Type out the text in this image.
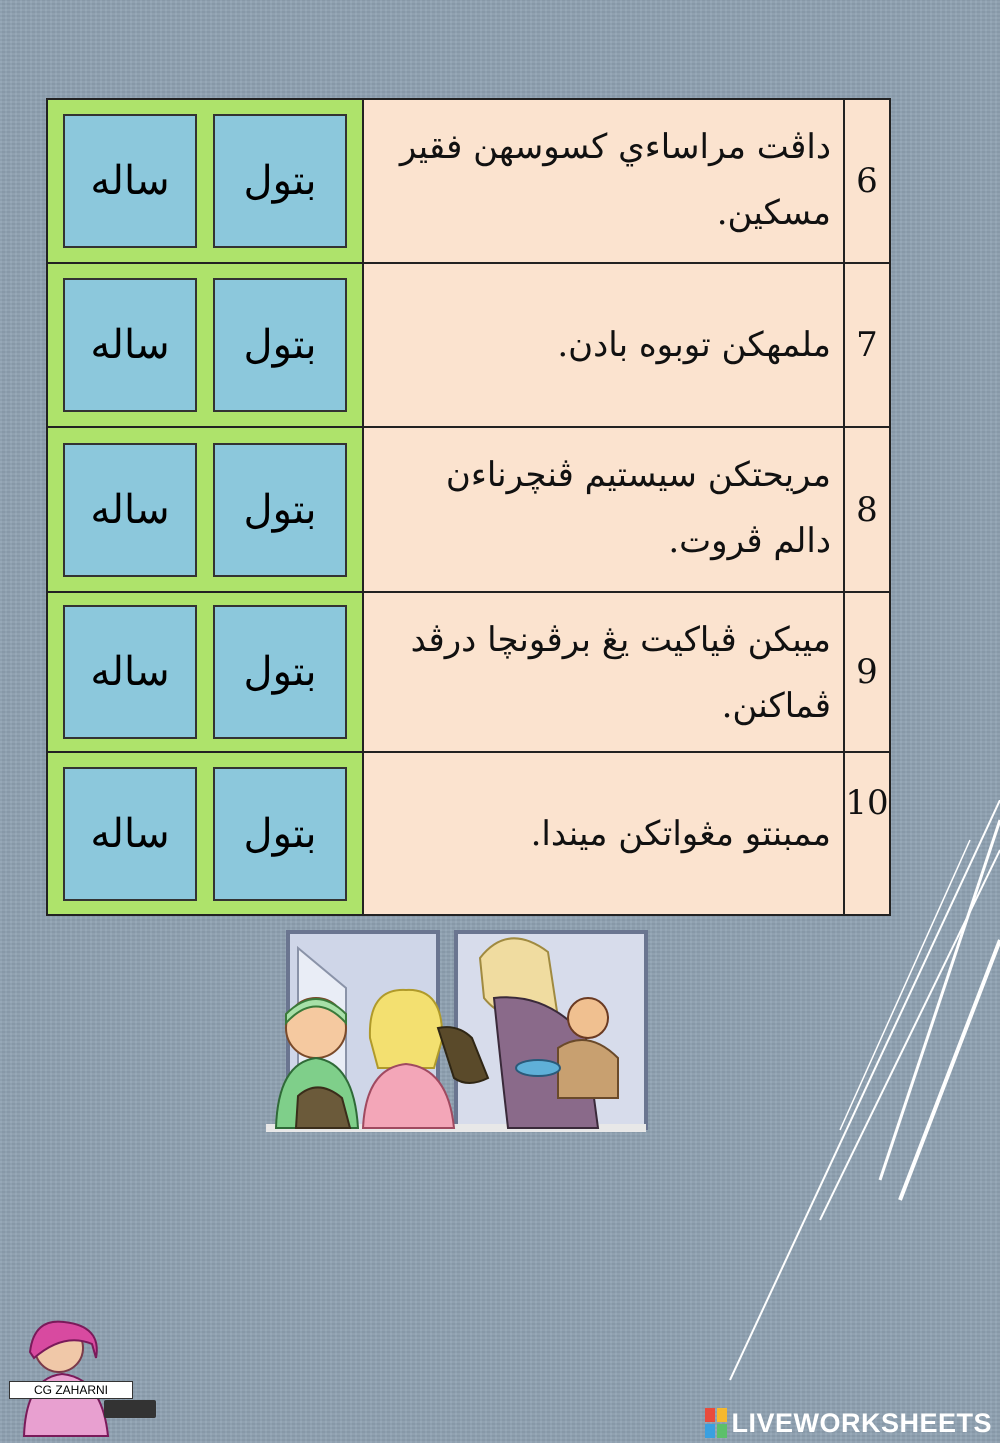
بتول
ساله
داڤت مراساءي كسوسهن فقير مسكين.
6
بتول
ساله	ملمهكن توبوه بادن. 7
بتول
ساله
مريحتكن سيستيم ڤنچرناءن دالم ڤروت.
8
بتول
ساله
ميبكن ڤياكيت يڠ برڤونچا درڤد ڤماكنن.
9
بتول
ساله	ممبنتو مڠواتكن ميندا.
10
CG ZAHARNI
LIVEWORKSHEETS
